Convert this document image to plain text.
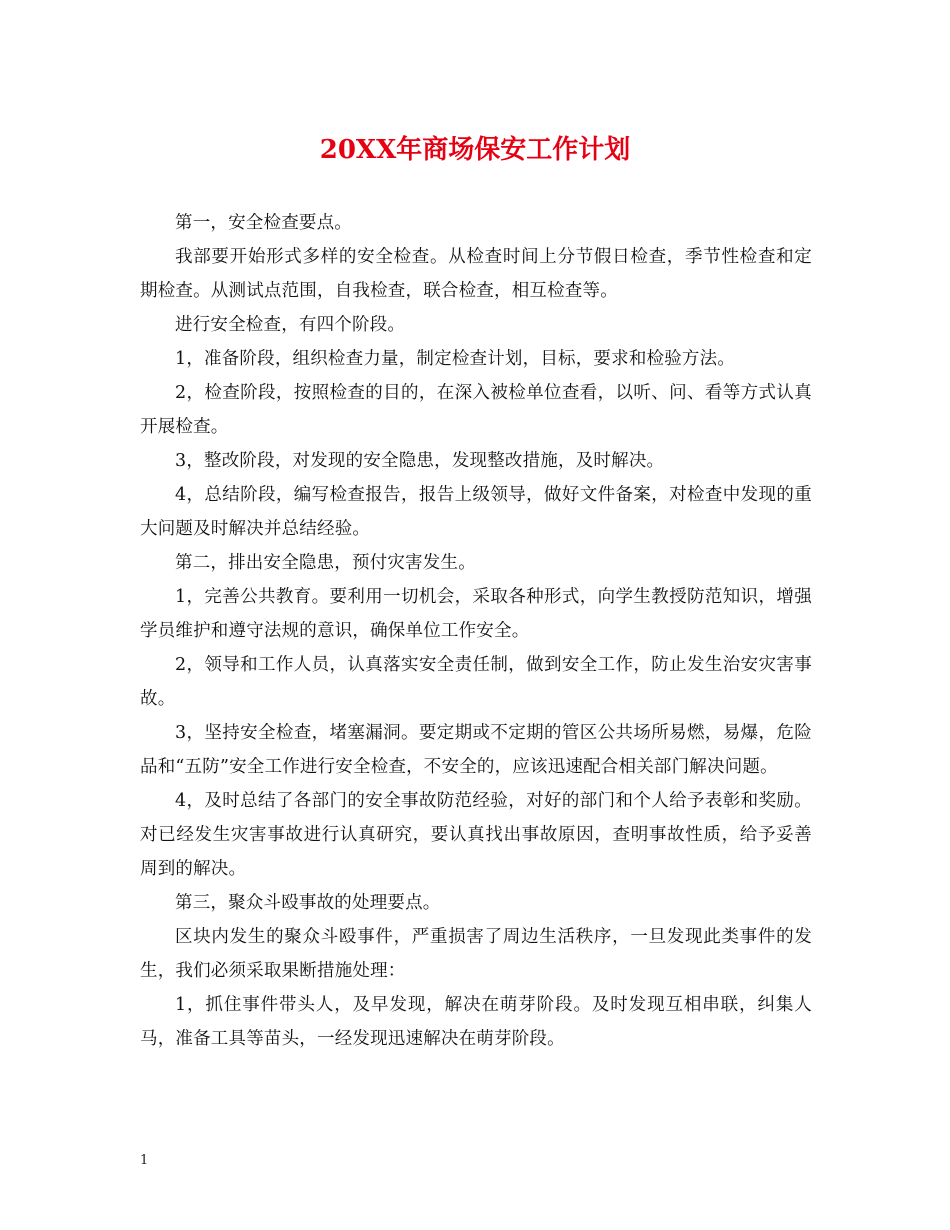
20XX年商场保安工作计划

第一，安全检查要点。

我部要开始形式多样的安全检查。从检查时间上分节假日检查，季节性检查和定期检查。从测试点范围，自我检查，联合检查，相互检查等。

进行安全检查，有四个阶段。

1，准备阶段，组织检查力量，制定检查计划，目标，要求和检验方法。

2，检查阶段，按照检查的目的，在深入被检单位查看，以听、问、看等方式认真开展检查。

3，整改阶段，对发现的安全隐患，发现整改措施，及时解决。

4，总结阶段，编写检查报告，报告上级领导，做好文件备案，对检查中发现的重大问题及时解决并总结经验。

第二，排出安全隐患，预付灾害发生。

1，完善公共教育。要利用一切机会，采取各种形式，向学生教授防范知识，增强学员维护和遵守法规的意识，确保单位工作安全。

2，领导和工作人员，认真落实安全责任制，做到安全工作，防止发生治安灾害事故。

3，坚持安全检查，堵塞漏洞。要定期或不定期的管区公共场所易燃，易爆，危险品和“五防”安全工作进行安全检查，不安全的，应该迅速配合相关部门解决问题。

4，及时总结了各部门的安全事故防范经验，对好的部门和个人给予表彰和奖励。对已经发生灾害事故进行认真研究，要认真找出事故原因，查明事故性质，给予妥善周到的解决。

第三，聚众斗殴事故的处理要点。

区块内发生的聚众斗殴事件，严重损害了周边生活秩序，一旦发现此类事件的发生，我们必须采取果断措施处理：

1，抓住事件带头人，及早发现，解决在萌芽阶段。及时发现互相串联，纠集人马，准备工具等苗头，一经发现迅速解决在萌芽阶段。

1
